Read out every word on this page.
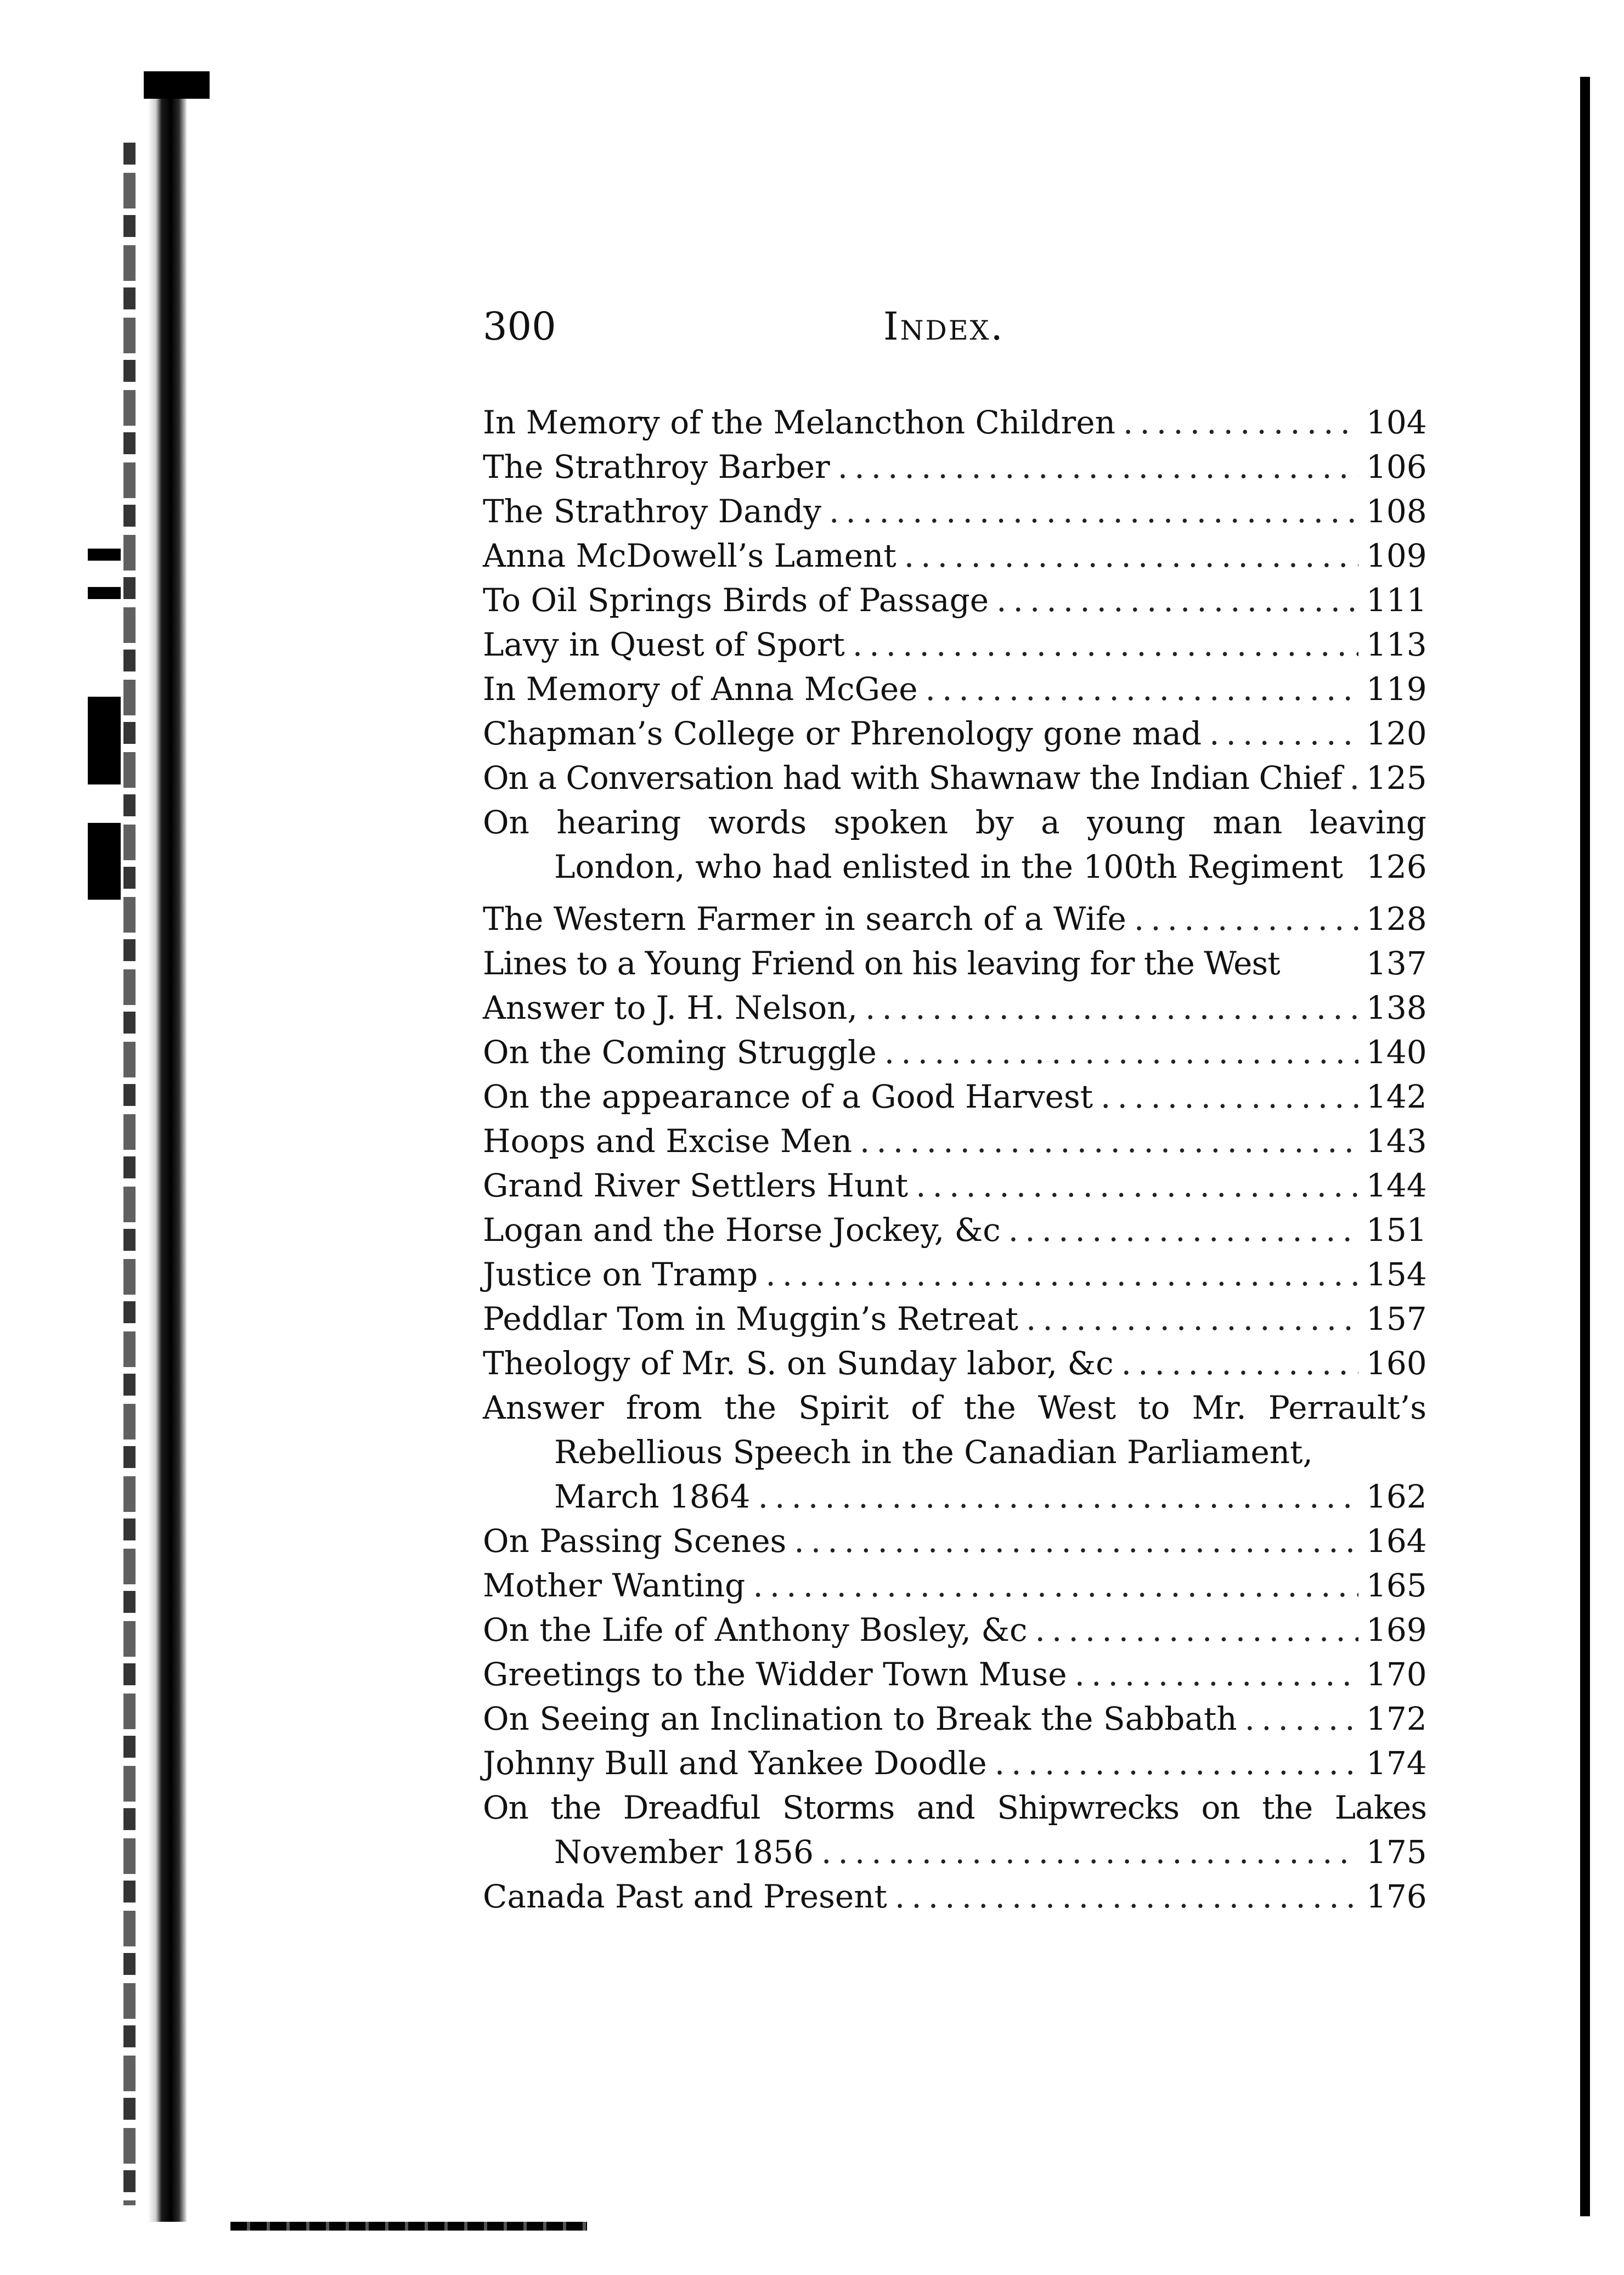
300	Index.
In Memory of the Melancthon Children .....	104
The Strathroy Barber .....	106
The Strathroy Dandy .....	108
Anna McDowell’s Lament .....	109
To Oil Springs Birds of Passage .....	111
Lavy in Quest of Sport .....	113
In Memory of Anna McGee .....	119
Chapman’s College or Phrenology gone mad .....	120
On a Conversation had with Shawnaw the Indian Chief ..... 125
On hearing words spoken by a young man leaving
London, who had enlisted in the 100th Regiment 126
The Western Farmer in search of a Wife .....	128
Lines to a Young Friend on his leaving for the West	137
Answer to J. H. Nelson, .....	138
On the Coming Struggle .....	140
On the appearance of a Good Harvest .....	142
Hoops and Excise Men .....	143
Grand River Settlers Hunt .....	144
Logan and the Horse Jockey, &c .....	151
Justice on Tramp .....	154
Peddlar Tom in Muggin’s Retreat .....	157
Theology of Mr. S. on Sunday labor, &c .....	160
Answer from the Spirit of the West to Mr. Perrault’s
Rebellious Speech in the Canadian Parliament,
March 1864 .....	162
On Passing Scenes .....	164
Mother Wanting .....	165
On the Life of Anthony Bosley, &c .....	169
Greetings to the Widder Town Muse .....	170
On Seeing an Inclination to Break the Sabbath .....	172
Johnny Bull and Yankee Doodle .....	174
On the Dreadful Storms and Shipwrecks on the Lakes
November 1856 .....	175
Canada Past and Present .....	176
